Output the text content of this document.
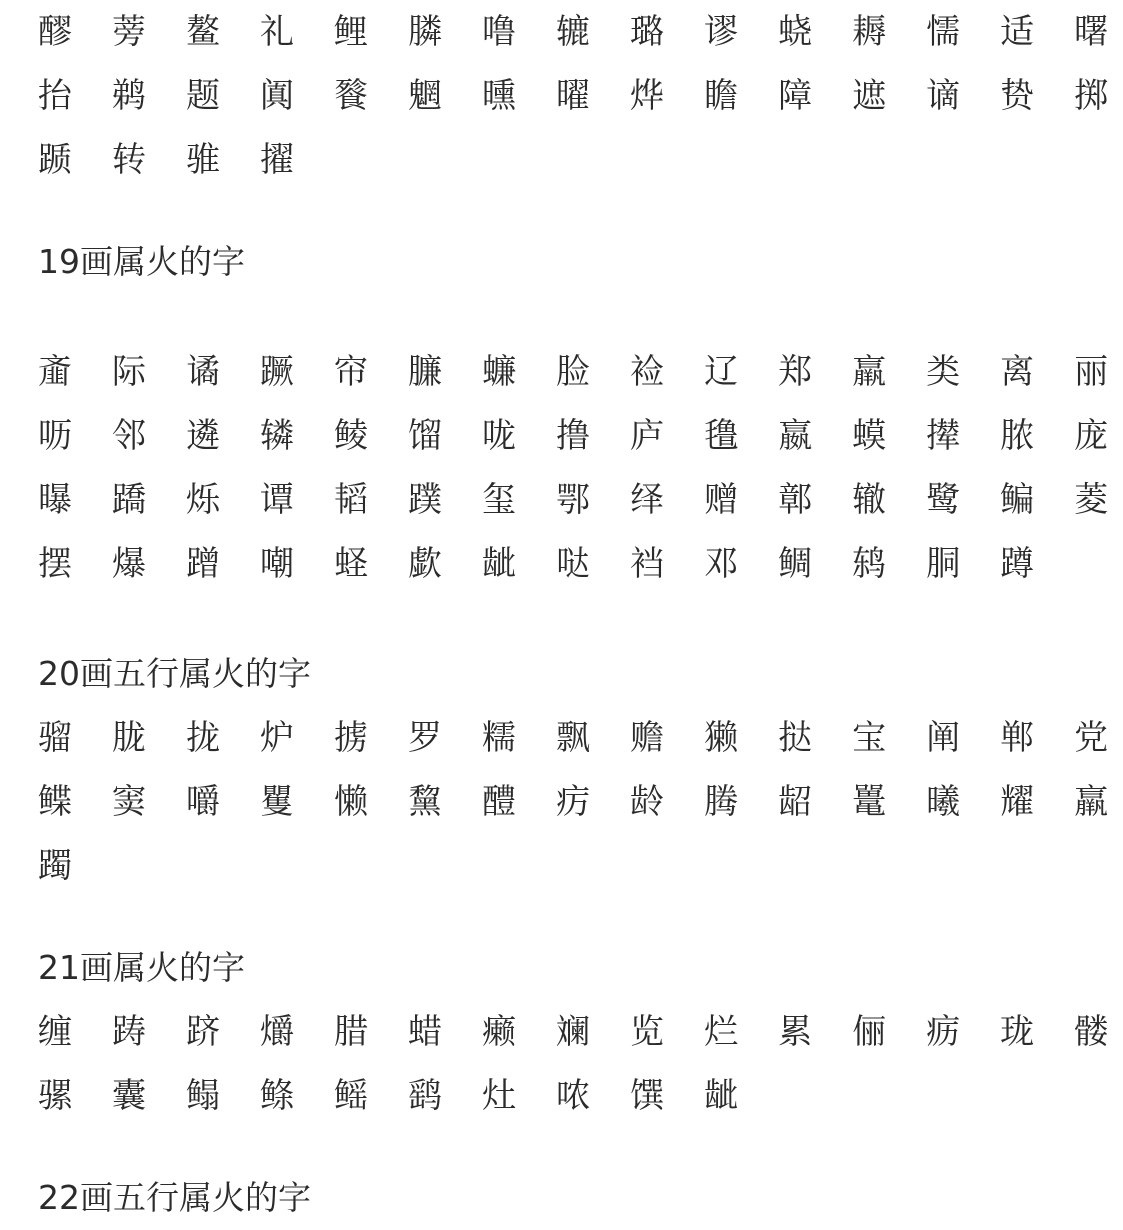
醪 蒡 鳌 礼 鲤 膦 噜 辘 璐 谬 蛲 耨 懦 适 曙
抬 鹈 题 阗 餮 魍 曛 曜 烨 瞻 障 遮 谪 贽 掷
踬 转 骓 擢
19画属火的字
齑 际 谲 蹶 帘 臁 蠊 脸 裣 辽 郑 羸 类 离 丽
呖 邻 遴 辚 鲮 馏 咙 撸 庐 氇 嬴 蟆 撵 脓 庞
曝 蹻 烁 谭 韬 蹼 玺 鄂 绎 赠 鄣 辙 鹭 鳊 菱
摆 爆 蹭 嘲 蛏 歔 龇 哒 裆 邓 鲷 鸫 胴 蹲
20画五行属火的字
骝 胧 拢 炉 掳 罗 糯 飘 赡 獭 挞 宝 阐 郸 党
鲽 窦 嚼 矍 懒 黧 醴 疠 龄 腾 龆 鼍 曦 耀 羸
躅
21画属火的字
缠 踌 跻 爝 腊 蜡 癞 斓 览 烂 累 俪 疬 珑 髅
骡 囊 鳎 鲦 鳐 鹞 灶 哝 馔 龇
22画五行属火的字
